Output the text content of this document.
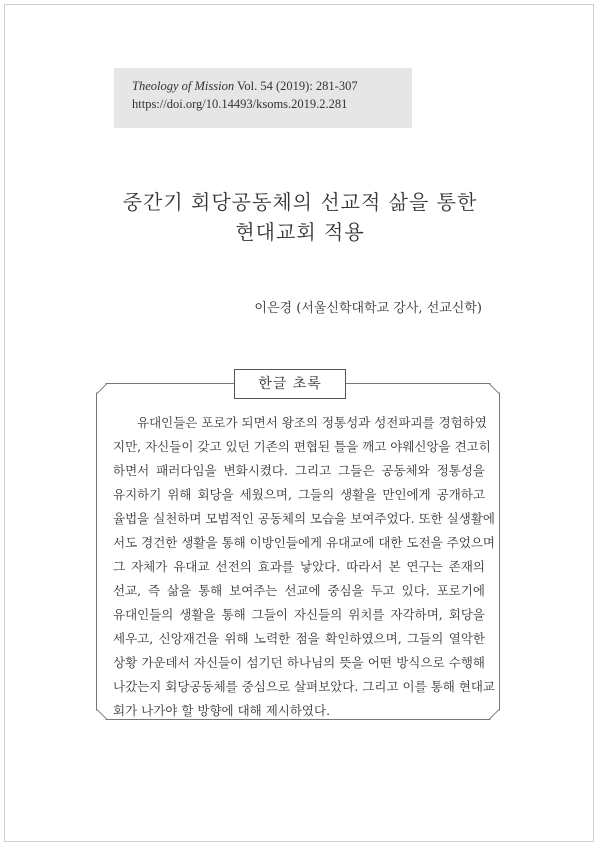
Theology of Mission Vol. 54 (2019): 281-307
https://doi.org/10.14493/ksoms.2019.2.281
중간기 회당공동체의 선교적 삶을 통한
현대교회 적용
이은경 (서울신학대학교 강사, 선교신학)
한글 초록
유대인들은 포로가 되면서 왕조의 정통성과 성전파괴를 경험하였
지만, 자신들이 갖고 있던 기존의 편협된 틀을 깨고 야웨신앙을 견고히
하면서 패러다임을 변화시켰다. 그리고 그들은 공동체와 정통성을
유지하기 위해 회당을 세웠으며, 그들의 생활을 만인에게 공개하고
율법을 실천하며 모범적인 공동체의 모습을 보여주었다. 또한 실생활에
서도 경건한 생활을 통해 이방인들에게 유대교에 대한 도전을 주었으며
그 자체가 유대교 선전의 효과를 낳았다. 따라서 본 연구는 존재의
선교, 즉 삶을 통해 보여주는 선교에 중심을 두고 있다. 포로기에
유대인들의 생활을 통해 그들이 자신들의 위치를 자각하며, 회당을
세우고, 신앙재건을 위해 노력한 점을 확인하였으며, 그들의 열악한
상황 가운데서 자신들이 섬기던 하나님의 뜻을 어떤 방식으로 수행해
나갔는지 회당공동체를 중심으로 살펴보았다. 그리고 이를 통해 현대교
회가 나가야 할 방향에 대해 제시하였다.
